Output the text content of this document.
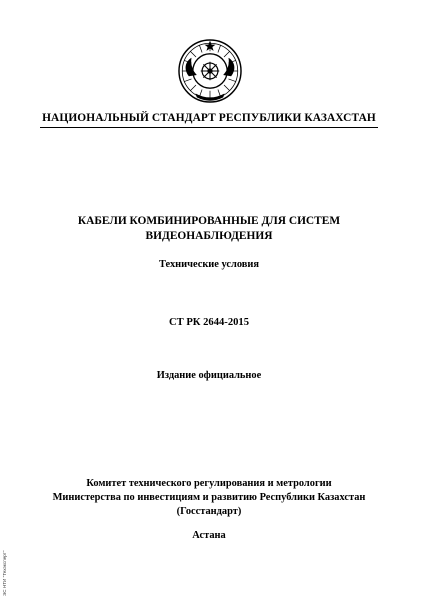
НАЦИОНАЛЬНЫЙ СТАНДАРТ РЕСПУБЛИКИ КАЗАХСТАН
КАБЕЛИ КОМБИНИРОВАННЫЕ ДЛЯ СИСТЕМ
ВИДЕОНАБЛЮДЕНИЯ
Технические условия
СТ РК 2644-2015
Издание официальное
Комитет технического регулирования и метрологии
Министерства по инвестициям и развитию Республики Казахстан
(Госстандарт)
Астана
ЭС НТИ "Техэксперт"
